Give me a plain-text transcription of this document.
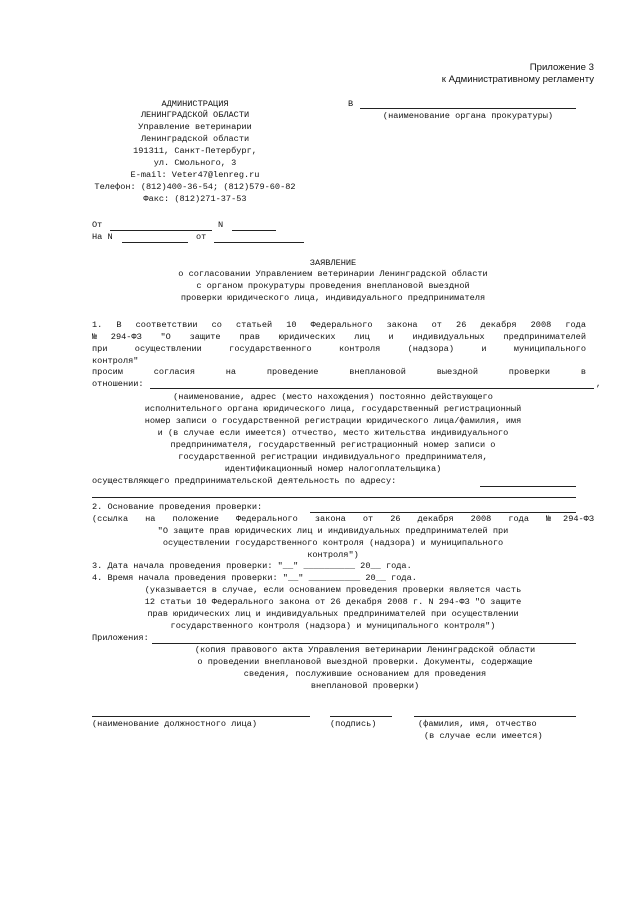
Приложение 3
к Административному регламенту
АДМИНИСТРАЦИЯ
ЛЕНИНГРАДСКОЙ ОБЛАСТИ
Управление ветеринарии
Ленинградской области
191311, Санкт-Петербург,
ул. Смольного, 3
E-mail: Veter47@lenreg.ru
Телефон: (812)400-36-54; (812)579-60-82
Факс: (812)271-37-53
В
(наименование органа прокуратуры)
От	N
На N	от
ЗАЯВЛЕНИЕ
о согласовании Управлением ветеринарии Ленинградской области
с органом прокуратуры проведения внеплановой выездной
проверки юридического лица, индивидуального предпринимателя
1. В соответствии со статьей 10 Федерального закона от 26 декабря 2008 года
№294-ФЗ "О защите прав юридических лиц и индивидуальных предпринимателей
при осуществлении государственного контроля (надзора) и муниципального
контроля"
просим согласия на проведение внеплановой выездной проверки в
отношении:	,
(наименование, адрес (место нахождения) постоянно действующего
исполнительного органа юридического лица, государственный регистрационный
номер записи о государственной регистрации юридического лица/фамилия, имя
и (в случае если имеется) отчество, место жительства индивидуального
предпринимателя, государственный регистрационный номер записи о
государственной регистрации индивидуального предпринимателя,
идентификационный номер налогоплательщика)
осуществляющего предпринимательской деятельность по адресу:
2. Основание проведения проверки:
(ссылка на положение Федерального закона от 26 декабря 2008 года №294-ФЗ
"О защите прав юридических лиц и индивидуальных предпринимателей при
осуществлении государственного контроля (надзора) и муниципального
контроля")
3. Дата начала проведения проверки: "__" __________ 20__ года.
4. Время начала проведения проверки: "__" __________ 20__ года.
(указывается в случае, если основанием проведения проверки является часть
12 статьи 10 Федерального закона от 26 декабря 2008 г. N 294-ФЗ "О защите
прав юридических лиц и индивидуальных предпринимателей при осуществлении
государственного контроля (надзора) и муниципального контроля")
Приложения:
(копия правового акта Управления ветеринарии Ленинградской области
о проведении внеплановой выездной проверки. Документы, содержащие
сведения, послужившие основанием для проведения
внеплановой проверки)
(наименование должностного лица)	(подпись)	(фамилия, имя, отчество
(в случае если имеется)
